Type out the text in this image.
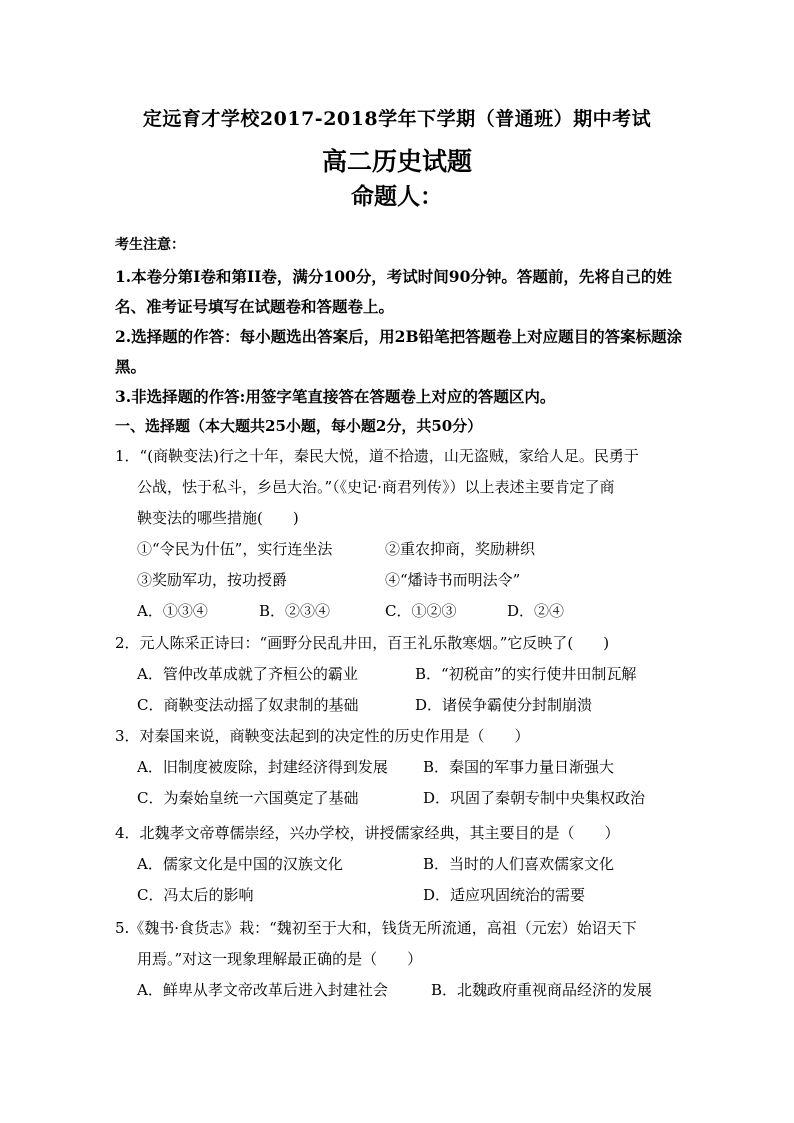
定远育才学校2017-2018学年下学期（普通班）期中考试
高二历史试题
命题人：
考生注意：
1.本卷分第Ⅰ卷和第II卷，满分100分，考试时间90分钟。答题前，先将自己的姓名、准考证号填写在试题卷和答题卷上。
2.选择题的作答：每小题选出答案后，用2B铅笔把答题卷上对应题目的答案标题涂黑。
3.非选择题的作答:用签字笔直接答在答题卷上对应的答题区内。
一、选择题（本大题共25小题，每小题2分，共50分）
1．“(商鞅变法)行之十年，秦民大悦，道不拾遗，山无盗贼，家给人足。民勇于
公战，怯于私斗，乡邑大治。”（《史记·商君列传》）以上表述主要肯定了商
鞅变法的哪些措施(　　)
①“令民为什伍”，实行连坐法	②重农抑商，奖励耕织
③奖励军功，按功授爵	④“燔诗书而明法令”
A．①③④	B．②③④	C．①②③	D．②④
2．元人陈采正诗曰：“画野分民乱井田，百王礼乐散寒烟。”它反映了(　　)
A．管仲改革成就了齐桓公的霸业	B．“初税亩”的实行使井田制瓦解
C．商鞅变法动摇了奴隶制的基础	D．诸侯争霸使分封制崩溃
3．对秦国来说，商鞅变法起到的决定性的历史作用是（　　）
A．旧制度被废除，封建经济得到发展	B．秦国的军事力量日渐强大
C．为秦始皇统一六国奠定了基础	D．巩固了秦朝专制中央集权政治
4．北魏孝文帝尊儒崇经，兴办学校，讲授儒家经典，其主要目的是（　　）
A．儒家文化是中国的汉族文化	B．当时的人们喜欢儒家文化
C．冯太后的影响	D．适应巩固统治的需要
5.《魏书·食货志》栽：“魏初至于大和，钱货无所流通，高祖（元宏）始诏天下
用焉。”对这一现象理解最正确的是（　　）
A．鲜卑从孝文帝改革后进入封建社会	B．北魏政府重视商品经济的发展
